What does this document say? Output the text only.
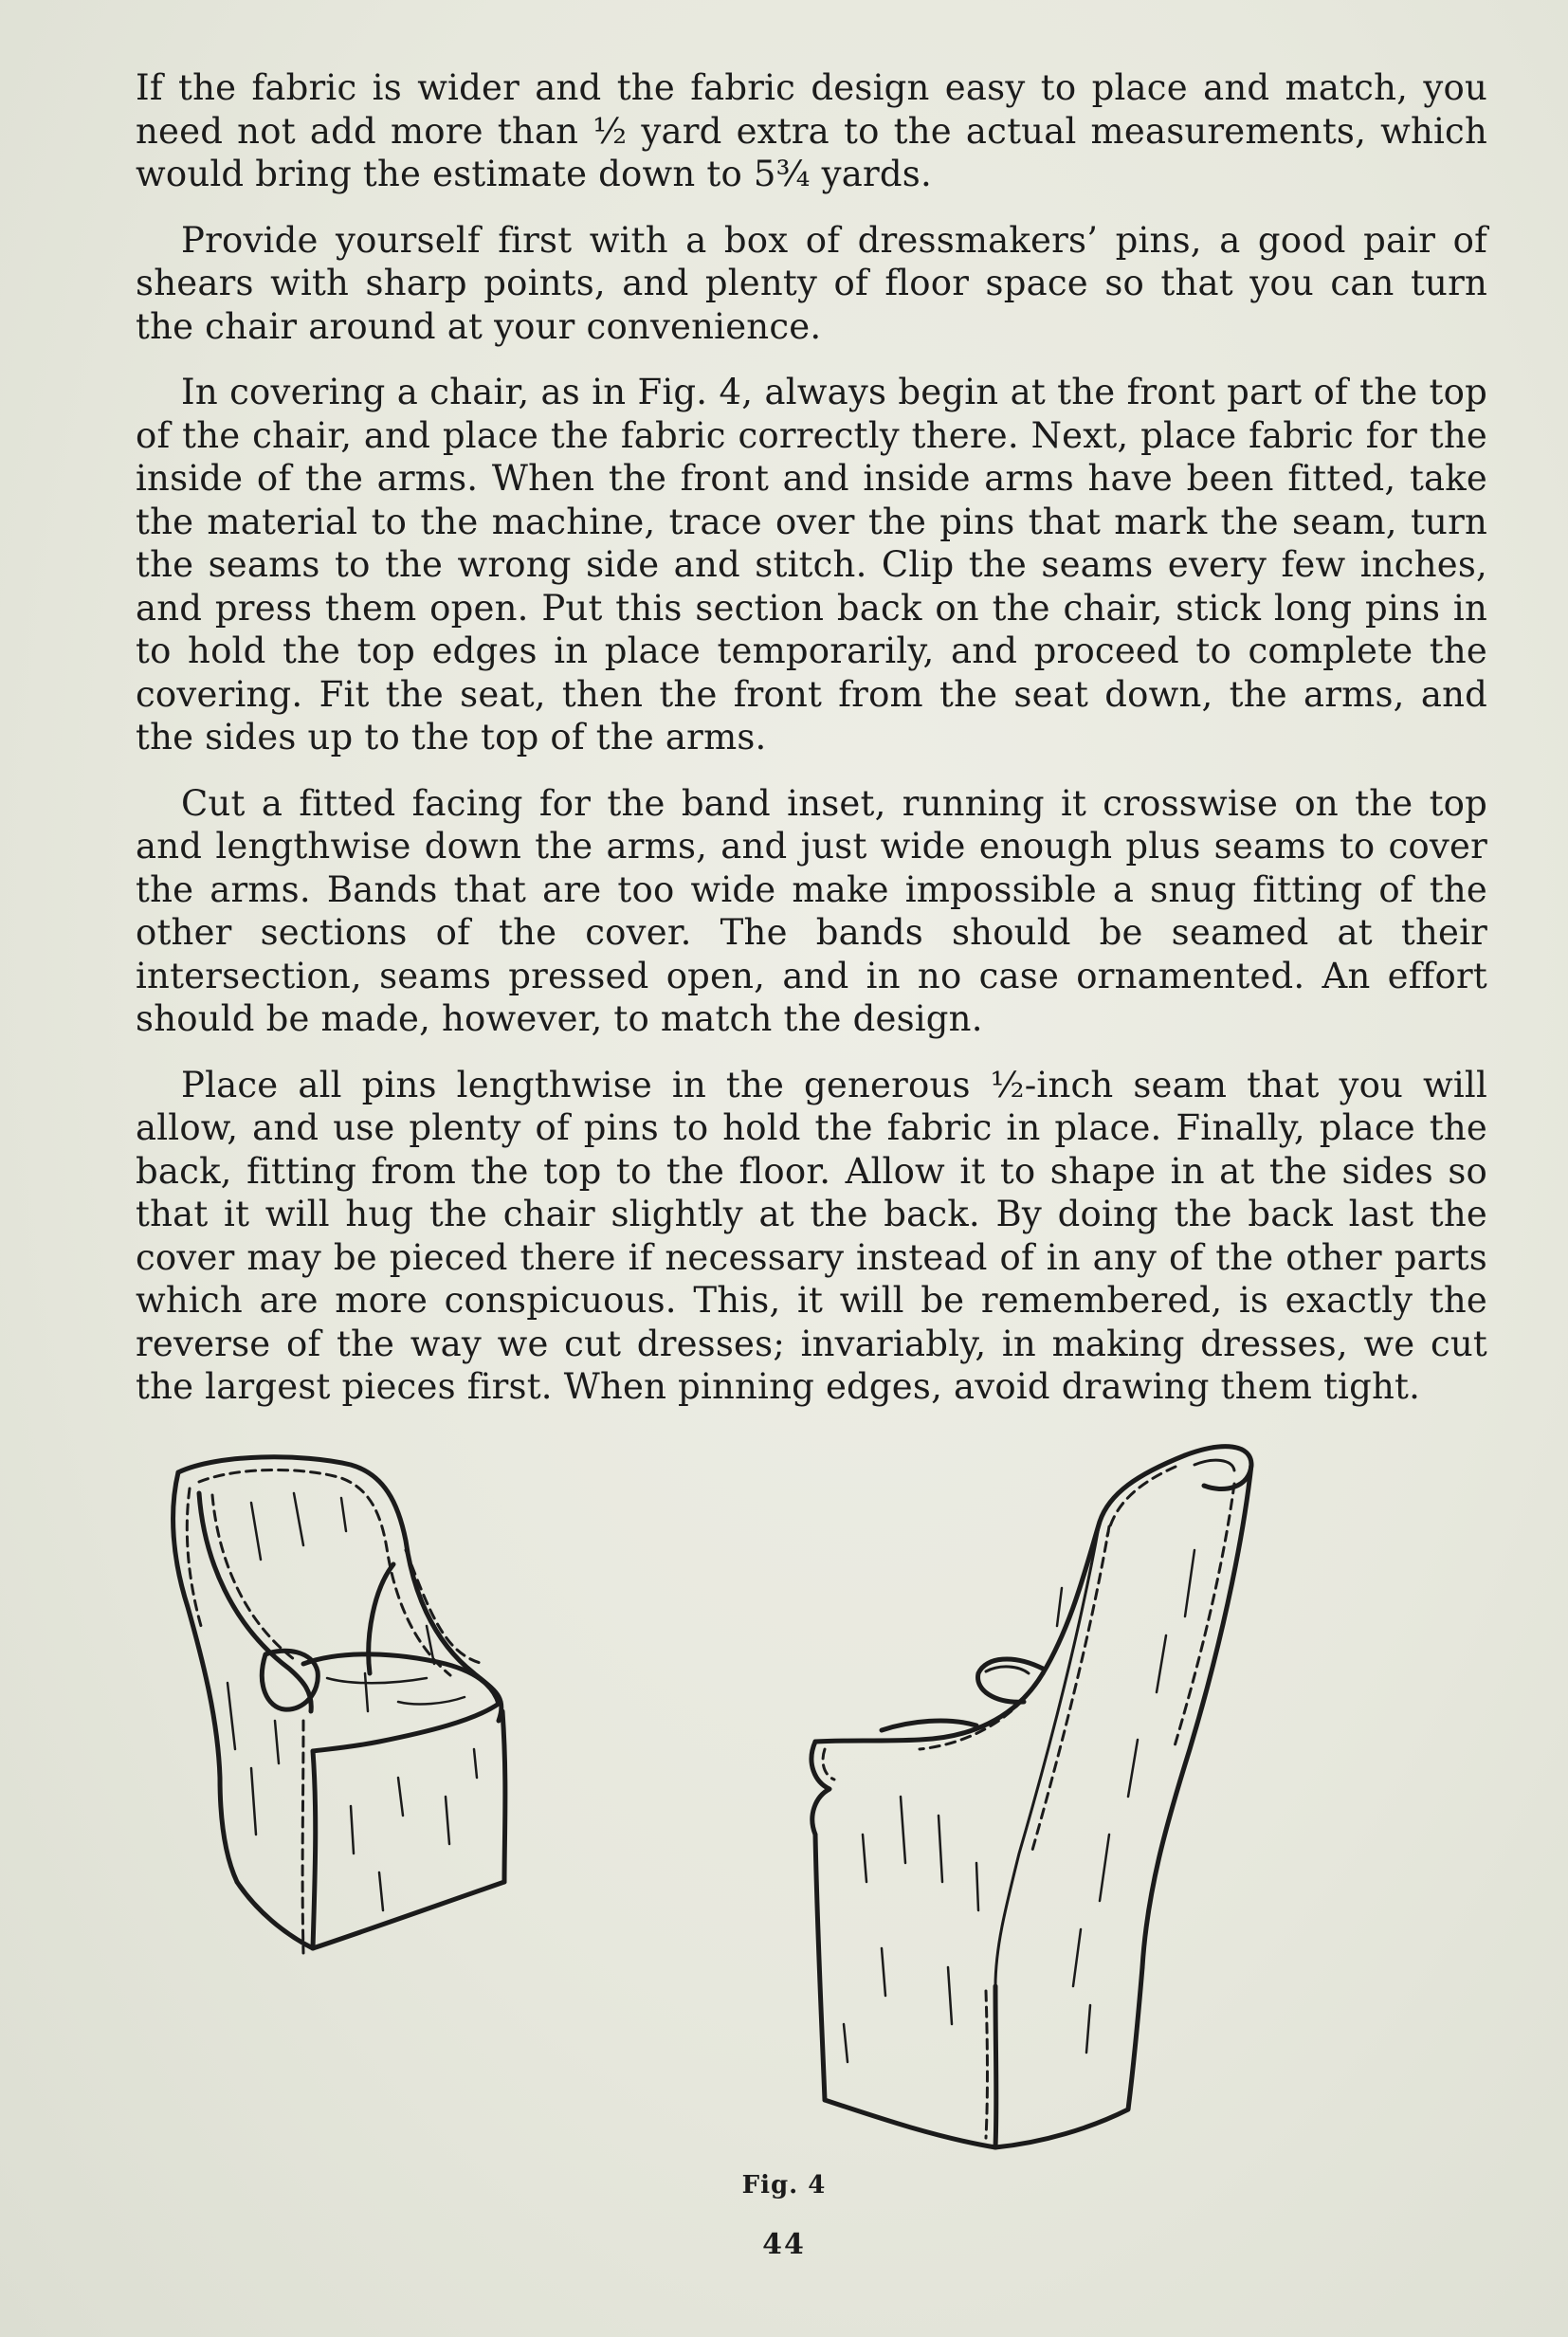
If the fabric is wider and the fabric design easy to place and match, you need not add more than ½ yard extra to the actual measurements, which would bring the estimate down to 5¾ yards.

Provide yourself first with a box of dressmakers’ pins, a good pair of shears with sharp points, and plenty of floor space so that you can turn the chair around at your convenience.

In covering a chair, as in Fig. 4, always begin at the front part of the top of the chair, and place the fabric correctly there. Next, place fabric for the inside of the arms. When the front and inside arms have been fitted, take the material to the machine, trace over the pins that mark the seam, turn the seams to the wrong side and stitch. Clip the seams every few inches, and press them open. Put this section back on the chair, stick long pins in to hold the top edges in place temporarily, and proceed to complete the covering. Fit the seat, then the front from the seat down, the arms, and the sides up to the top of the arms.

Cut a fitted facing for the band inset, running it crosswise on the top and lengthwise down the arms, and just wide enough plus seams to cover the arms. Bands that are too wide make impossible a snug fitting of the other sections of the cover. The bands should be seamed at their intersection, seams pressed open, and in no case ornamented. An effort should be made, however, to match the design.

Place all pins lengthwise in the generous ½-inch seam that you will allow, and use plenty of pins to hold the fabric in place. Finally, place the back, fitting from the top to the floor. Allow it to shape in at the sides so that it will hug the chair slightly at the back. By doing the back last the cover may be pieced there if necessary instead of in any of the other parts which are more conspicuous. This, it will be remembered, is exactly the reverse of the way we cut dresses; invariably, in making dresses, we cut the largest pieces first. When pinning edges, avoid drawing them tight.

Fig. 4
44
